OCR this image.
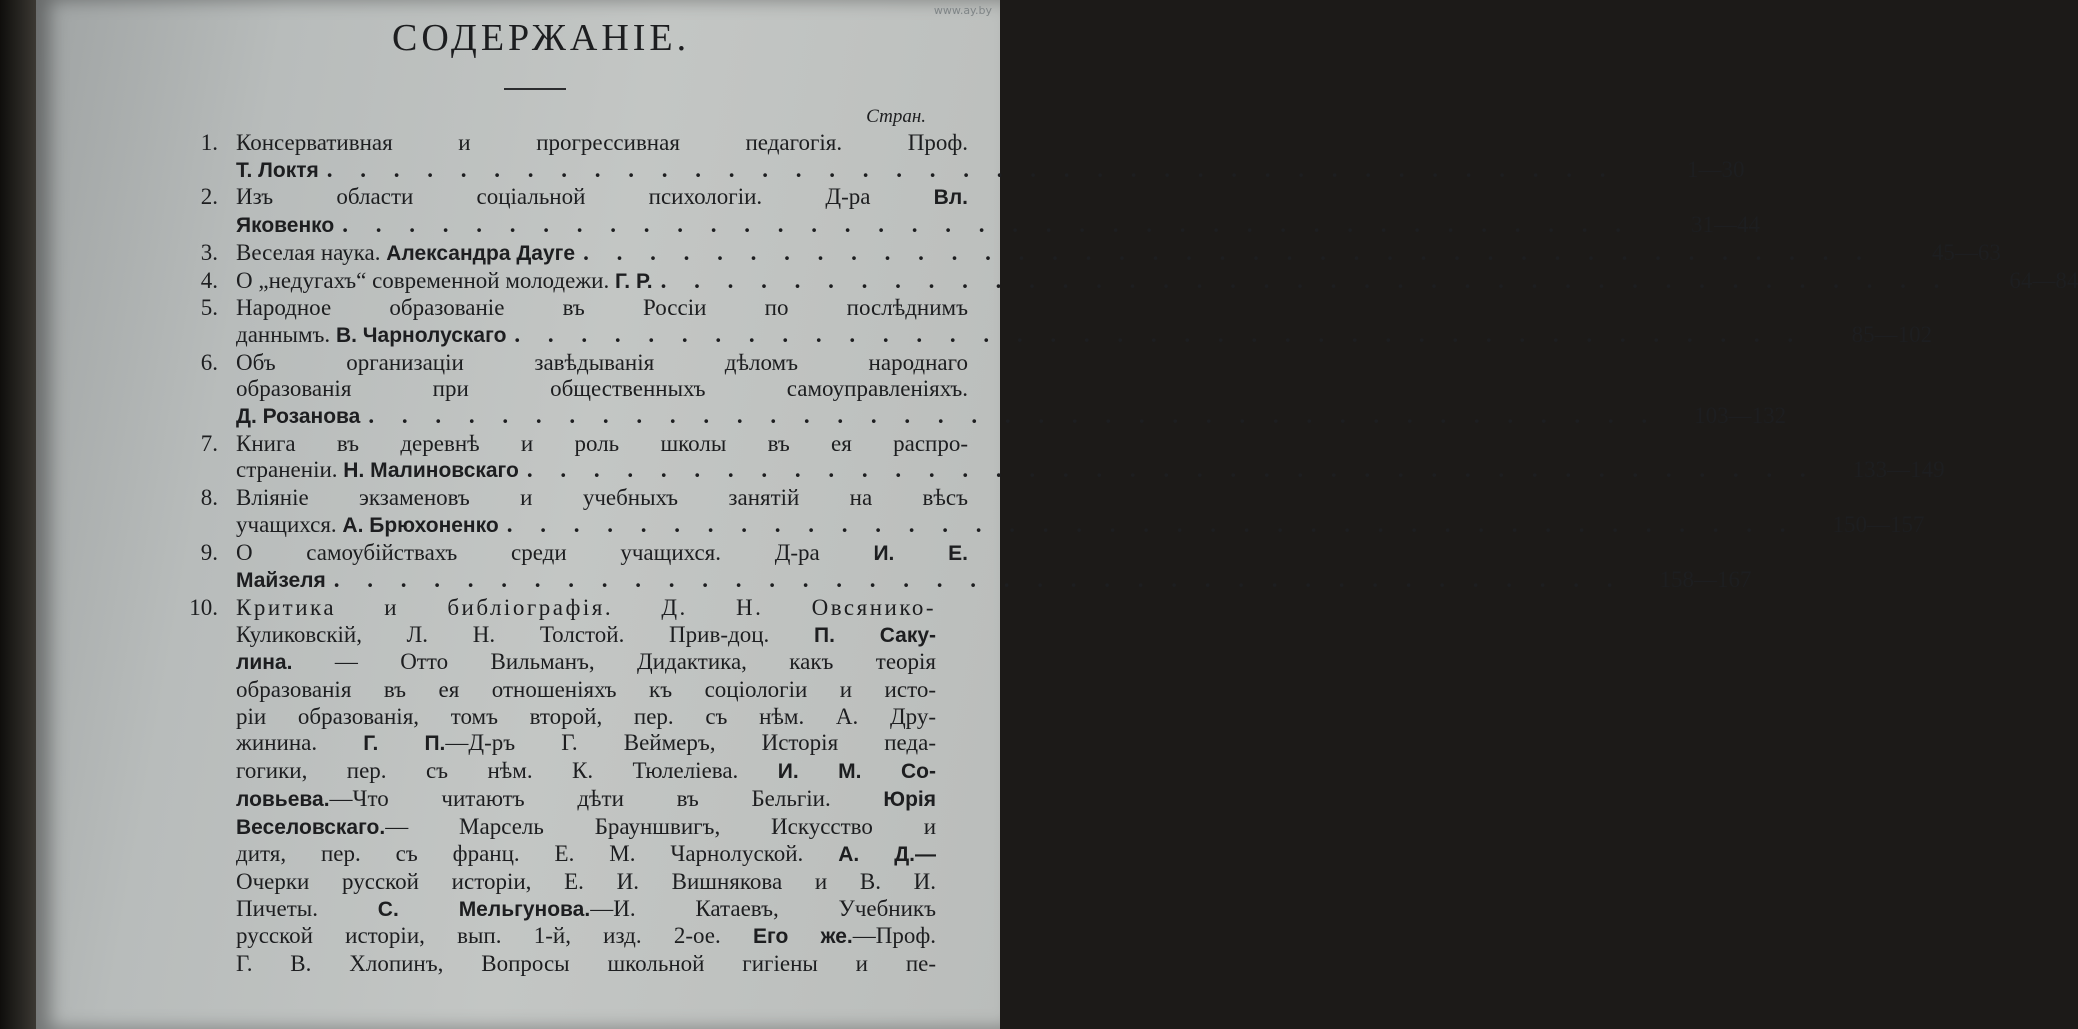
www.ay.by
СОДЕРЖАНІЕ.
Стран.
1. Консервативная и прогрессивная педагогія. Проф.
Т. Локтя . . . . . . . . . . . . . . . . . . . . . . . . . . . . . . . . . . . . . . .	1—30
2. Изъ области соціальной психологіи. Д-ра	Вл.
Яковенко . . . . . . . . . . . . . . . . . . . . . . . . . . . . . . . . . . . . . . .	31—44
3. Веселая наука.
Александра Дауге . . . . . . . . . . . . . . . . . . . . . . . . . . . . . . . . . . . . . . .	45—63
4. О „недугахъ“ современной молодежи.
Г. Р. . . . . . . . . . . . . . . . . . . . . . . . . . . . . . . . . . . . . . . .	64—84
5. Народное образованіе въ Россіи по послѣднимъ
даннымъ.
В. Чарнолускаго . . . . . . . . . . . . . . . . . . . . . . . . . . . . . . . . . . . . . . .	85—102
6. Объ организаціи завѣдыванія дѣломъ народнаго
образованія при общественныхъ самоуправленіяхъ.
Д. Розанова . . . . . . . . . . . . . . . . . . . . . . . . . . . . . . . . . . . . . . .	103—132
7. Книга въ деревнѣ и роль школы въ ея распро-
страненіи.
Н. Малиновскаго . . . . . . . . . . . . . . . . . . . . . . . . . . . . . . . . . . . . . . .	133—149
8. Вліяніе экзаменовъ и учебныхъ занятій на вѣсъ
учащихся.
А. Брюхоненко . . . . . . . . . . . . . . . . . . . . . . . . . . . . . . . . . . . . . . .	150—157
9. О самоубійствахъ среди учащихся. Д-ра	И. Е.
Майзеля . . . . . . . . . . . . . . . . . . . . . . . . . . . . . . . . . . . . . . .	158—167
10. Критика и библіографія. Д. Н. Овсянико-
Куликовскій, Л. Н. Толстой. Прив-доц. П. Саку-
лина. — Отто Вильманъ, Дидактика, какъ теорія
образованія въ ея отношеніяхъ къ соціологіи и исто-
ріи образованія, томъ второй, пер. съ нѣм. А. Дру-
жинина. Г. П.—Д-ръ Г. Веймеръ, Исторія педа-
гогики, пер. съ нѣм. К. Тюлеліева. И. М. Со-
ловьева.—Что читаютъ дѣти въ Бельгіи.	Юрія
Веселовскаго.— Марсель Брауншвигъ, Искусство и
дитя, пер. съ франц. Е. М. Чарнолуской. А. Д.—
Очерки русской исторіи, Е. И. Вишнякова и В. И.
Пичеты.	С. Мельгунова.—И. Катаевъ, Учебникъ
русской исторіи, вып. 1-й, изд. 2-ое. Его же.—Проф.
Г. В. Хлопинъ, Вопросы школьной гигіены и пе-
